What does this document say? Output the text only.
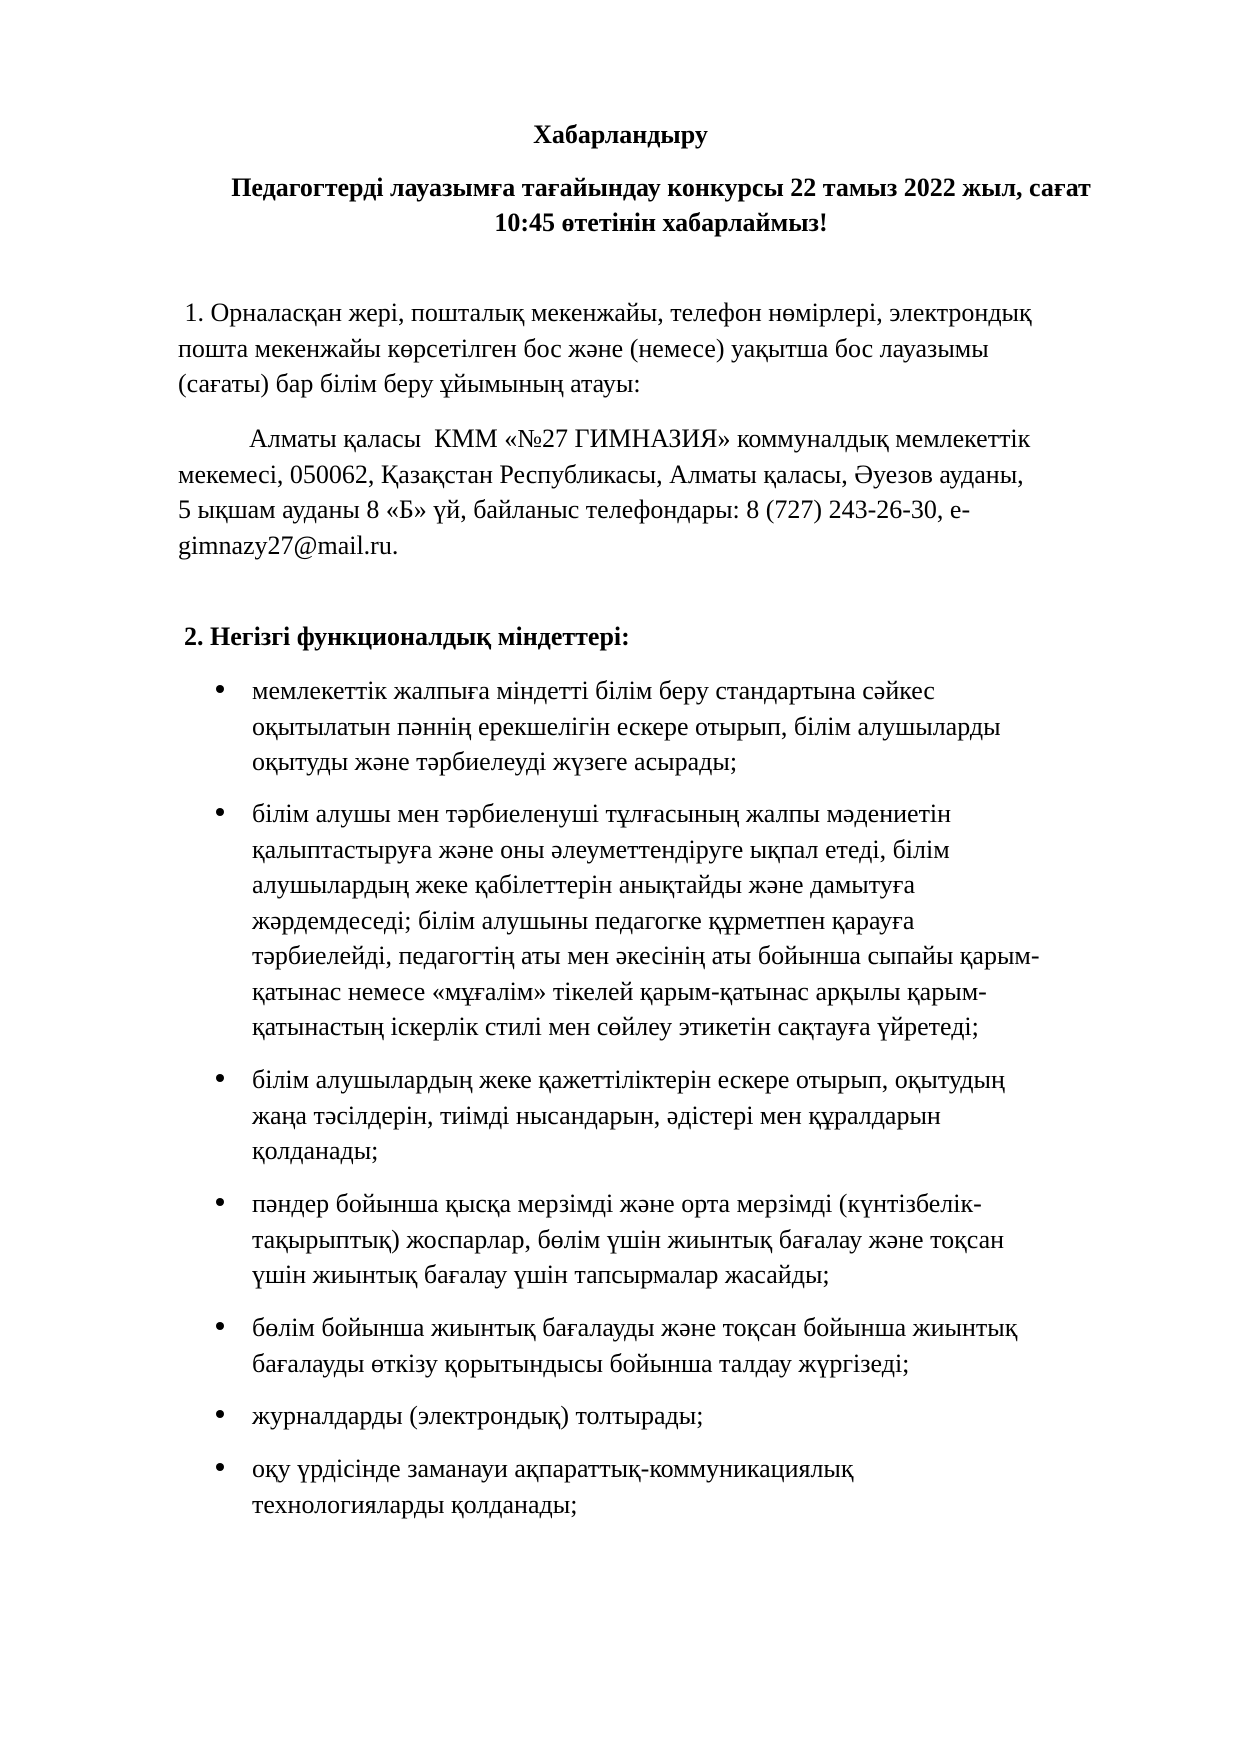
Хабарландыру
Педагогтерді лауазымға тағайындау конкурсы 22 тамыз 2022 жыл, сағат
10:45 өтетінін хабарлаймыз!
1. Орналасқан жері, пошталық мекенжайы, телефон нөмірлері, электрондық
пошта мекенжайы көрсетілген бос және (немесе) уақытша бос лауазымы
(сағаты) бар білім беру ұйымының атауы:
Алматы қаласы  КММ «№27 ГИМНАЗИЯ» коммуналдық мемлекеттік
мекемесі, 050062, Қазақстан Республикасы, Алматы қаласы, Әуезов ауданы,
5 ықшам ауданы 8 «Б» үй, байланыс телефондары: 8 (727) 243-26-30, е-
gimnazy27@mail.ru.
2. Негізгі функционалдық міндеттері:
мемлекеттік жалпыға міндетті білім беру стандартына сәйкес
оқытылатын пәннің ерекшелігін ескере отырып, білім алушыларды
оқытуды және тәрбиелеуді жүзеге асырады;
білім алушы мен тәрбиеленуші тұлғасының жалпы мәдениетін
қалыптастыруға және оны әлеуметтендіруге ықпал етеді, білім
алушылардың жеке қабілеттерін анықтайды және дамытуға
жәрдемдеседі; білім алушыны педагогке құрметпен қарауға
тәрбиелейді, педагогтің аты мен әкесінің аты бойынша сыпайы қарым-
қатынас немесе «мұғалім» тікелей қарым-қатынас арқылы қарым-
қатынастың іскерлік стилі мен сөйлеу этикетін сақтауға үйретеді;
білім алушылардың жеке қажеттіліктерін ескере отырып, оқытудың
жаңа тәсілдерін, тиімді нысандарын, әдістері мен құралдарын
қолданады;
пәндер бойынша қысқа мерзімді және орта мерзімді (күнтізбелік-
тақырыптық) жоспарлар, бөлім үшін жиынтық бағалау және тоқсан
үшін жиынтық бағалау үшін тапсырмалар жасайды;
бөлім бойынша жиынтық бағалауды және тоқсан бойынша жиынтық
бағалауды өткізу қорытындысы бойынша талдау жүргізеді;
журналдарды (электрондық) толтырады;
оқу үрдісінде заманауи ақпараттық-коммуникациялық
технологияларды қолданады;
